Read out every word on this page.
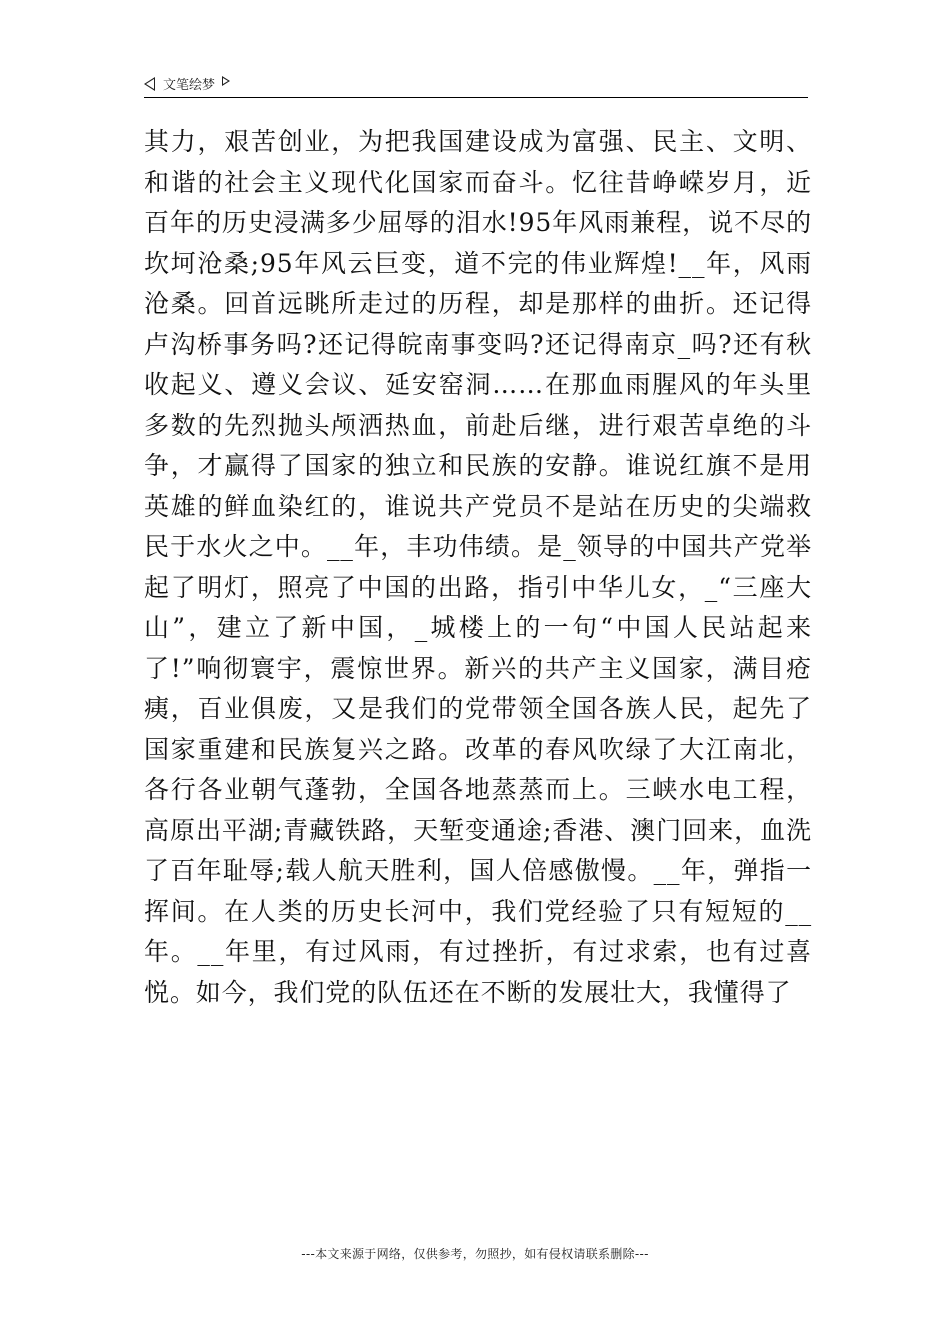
文笔绘梦

其力，艰苦创业，为把我国建设成为富强、民主、文明、和谐的社会主义现代化国家而奋斗。忆往昔峥嵘岁月，近百年的历史浸满多少屈辱的泪水!95年风雨兼程，说不尽的坎坷沧桑;95年风云巨变，道不完的伟业辉煌!__年，风雨沧桑。回首远眺所走过的历程，却是那样的曲折。还记得卢沟桥事务吗?还记得皖南事变吗?还记得南京_吗?还有秋收起义、遵义会议、延安窑洞……在那血雨腥风的年头里多数的先烈抛头颅洒热血，前赴后继，进行艰苦卓绝的斗争，才赢得了国家的独立和民族的安静。谁说红旗不是用英雄的鲜血染红的，谁说共产党员不是站在历史的尖端救民于水火之中。__年，丰功伟绩。是_领导的中国共产党举起了明灯，照亮了中国的出路，指引中华儿女，_“三座大山”，建立了新中国，_城楼上的一句“中国人民站起来了!”响彻寰宇，震惊世界。新兴的共产主义国家，满目疮痍，百业俱废，又是我们的党带领全国各族人民，起先了国家重建和民族复兴之路。改革的春风吹绿了大江南北，各行各业朝气蓬勃，全国各地蒸蒸而上。三峡水电工程，高原出平湖;青藏铁路，天堑变通途;香港、澳门回来，血洗了百年耻辱;载人航天胜利，国人倍感傲慢。__年，弹指一挥间。在人类的历史长河中，我们党经验了只有短短的__年。__年里，有过风雨，有过挫折，有过求索，也有过喜悦。如今，我们党的队伍还在不断的发展壮大，我懂得了

---本文来源于网络，仅供参考，勿照抄，如有侵权请联系删除---
